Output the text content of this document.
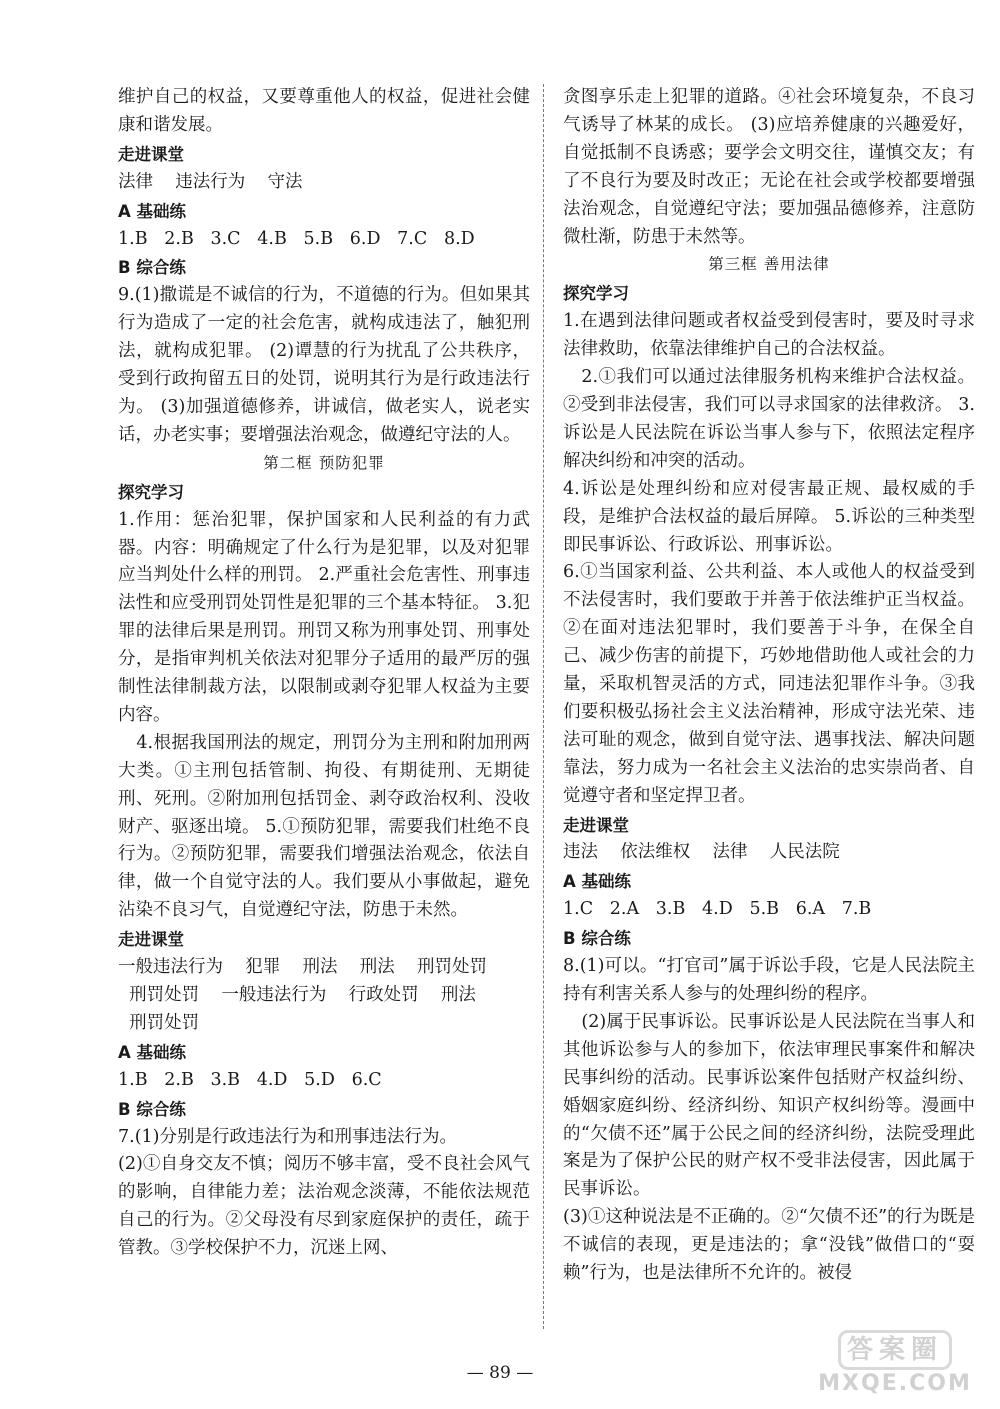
维护自己的权益，又要尊重他人的权益，促进社会健康和谐发展。
走进课堂
法律    违法行为    守法
A 基础练
1.B   2.B   3.C   4.B   5.B   6.D   7.C   8.D
B 综合练
9.(1)撒谎是不诚信的行为，不道德的行为。但如果其行为造成了一定的社会危害，就构成违法了，触犯刑法，就构成犯罪。 (2)谭慧的行为扰乱了公共秩序，受到行政拘留五日的处罚，说明其行为是行政违法行为。 (3)加强道德修养，讲诚信，做老实人，说老实话，办老实事；要增强法治观念，做遵纪守法的人。
第二框 预防犯罪
探究学习
1.作用：惩治犯罪，保护国家和人民利益的有力武器。内容：明确规定了什么行为是犯罪，以及对犯罪应当判处什么样的刑罚。 2.严重社会危害性、刑事违法性和应受刑罚处罚性是犯罪的三个基本特征。 3.犯罪的法律后果是刑罚。刑罚又称为刑事处罚、刑事处分，是指审判机关依法对犯罪分子适用的最严厉的强制性法律制裁方法，以限制或剥夺犯罪人权益为主要内容。
4.根据我国刑法的规定，刑罚分为主刑和附加刑两大类。①主刑包括管制、拘役、有期徒刑、无期徒刑、死刑。②附加刑包括罚金、剥夺政治权利、没收财产、驱逐出境。 5.①预防犯罪，需要我们杜绝不良行为。②预防犯罪，需要我们增强法治观念，依法自律，做一个自觉守法的人。我们要从小事做起，避免沾染不良习气，自觉遵纪守法，防患于未然。
走进课堂
一般违法行为    犯罪    刑法    刑法    刑罚处罚
刑罚处罚    一般违法行为    行政处罚    刑法
刑罚处罚
A 基础练
1.B   2.B   3.B   4.D   5.D   6.C
B 综合练
7.(1)分别是行政违法行为和刑事违法行为。
(2)①自身交友不慎；阅历不够丰富，受不良社会风气的影响，自律能力差；法治观念淡薄，不能依法规范自己的行为。②父母没有尽到家庭保护的责任，疏于管教。③学校保护不力，沉迷上网、
贪图享乐走上犯罪的道路。④社会环境复杂，不良习气诱导了林某的成长。 (3)应培养健康的兴趣爱好，自觉抵制不良诱惑；要学会文明交往，谨慎交友；有了不良行为要及时改正；无论在社会或学校都要增强法治观念，自觉遵纪守法；要加强品德修养，注意防微杜渐，防患于未然等。
第三框 善用法律
探究学习
1.在遇到法律问题或者权益受到侵害时，要及时寻求法律救助，依靠法律维护自己的合法权益。
2.①我们可以通过法律服务机构来维护合法权益。②受到非法侵害，我们可以寻求国家的法律救济。 3.诉讼是人民法院在诉讼当事人参与下，依照法定程序解决纠纷和冲突的活动。
4.诉讼是处理纠纷和应对侵害最正规、最权威的手段，是维护合法权益的最后屏障。 5.诉讼的三种类型即民事诉讼、行政诉讼、刑事诉讼。
6.①当国家利益、公共利益、本人或他人的权益受到不法侵害时，我们要敢于并善于依法维护正当权益。②在面对违法犯罪时，我们要善于斗争，在保全自己、减少伤害的前提下，巧妙地借助他人或社会的力量，采取机智灵活的方式，同违法犯罪作斗争。③我们要积极弘扬社会主义法治精神，形成守法光荣、违法可耻的观念，做到自觉守法、遇事找法、解决问题靠法，努力成为一名社会主义法治的忠实崇尚者、自觉遵守者和坚定捍卫者。
走进课堂
违法    依法维权    法律    人民法院
A 基础练
1.C   2.A   3.B   4.D   5.B   6.A   7.B
B 综合练
8.(1)可以。“打官司”属于诉讼手段，它是人民法院主持有利害关系人参与的处理纠纷的程序。
(2)属于民事诉讼。民事诉讼是人民法院在当事人和其他诉讼参与人的参加下，依法审理民事案件和解决民事纠纷的活动。民事诉讼案件包括财产权益纠纷、婚姻家庭纠纷、经济纠纷、知识产权纠纷等。漫画中的“欠债不还”属于公民之间的经济纠纷，法院受理此案是为了保护公民的财产权不受非法侵害，因此属于民事诉讼。
(3)①这种说法是不正确的。②“欠债不还”的行为既是不诚信的表现，更是违法的；拿“没钱”做借口的“耍赖”行为，也是法律所不允许的。被侵
— 89 —
答案圈
MXQE.COM
